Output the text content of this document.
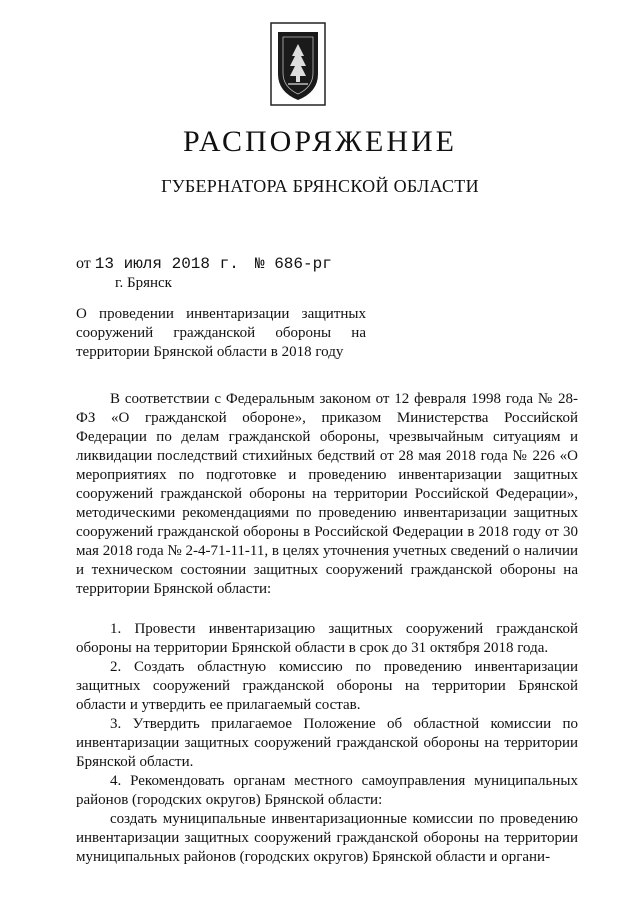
РАСПОРЯЖЕНИЕ
ГУБЕРНАТОРА БРЯНСКОЙ ОБЛАСТИ
от 13 июля 2018 г. № 686-рг
г. Брянск
О проведении инвентаризации защитных сооружений гражданской обороны на территории Брянской области в 2018 году

В соответствии с Федеральным законом от 12 февраля 1998 года № 28-ФЗ «О гражданской обороне», приказом Министерства Российской Федерации по делам гражданской обороны, чрезвычайным ситуациям и ликвидации последствий стихийных бедствий от 28 мая 2018 года № 226 «О мероприятиях по подготовке и проведению инвентаризации защитных сооружений гражданской обороны на территории Российской Федерации», методическими рекомендациями по проведению инвентаризации защитных сооружений гражданской обороны в Российской Федерации в 2018 году от 30 мая 2018 года № 2-4-71-11-11, в целях уточнения учетных сведений о наличии и техническом состоянии защитных сооружений гражданской обороны на территории Брянской области:

1. Провести инвентаризацию защитных сооружений гражданской обороны на территории Брянской области в срок до 31 октября 2018 года.

2. Создать областную комиссию по проведению инвентаризации защитных сооружений гражданской обороны на территории Брянской области и утвердить ее прилагаемый состав.

3. Утвердить прилагаемое Положение об областной комиссии по инвентаризации защитных сооружений гражданской обороны на территории Брянской области.

4. Рекомендовать органам местного самоуправления муниципальных районов (городских округов) Брянской области:

создать муниципальные инвентаризационные комиссии по проведению инвентаризации защитных сооружений гражданской обороны на территории муниципальных районов (городских округов) Брянской области и органи-
